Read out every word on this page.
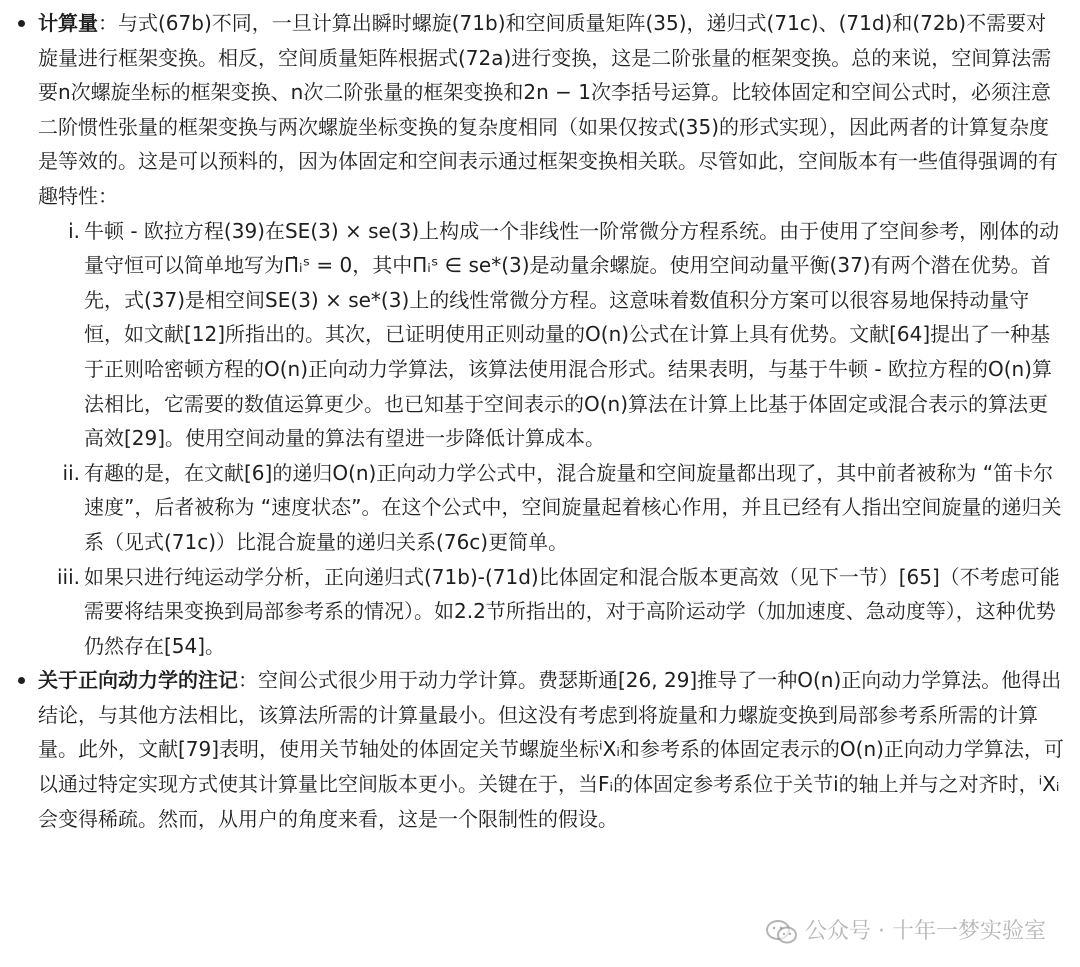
计算量：与式(67b)不同，一旦计算出瞬时螺旋(71b)和空间质量矩阵(35)，递归式(71c)、(71d)和(72b)不需要对旋量进行框架变换。相反，空间质量矩阵根据式(72a)进行变换，这是二阶张量的框架变换。总的来说，空间算法需要n次螺旋坐标的框架变换、n次二阶张量的框架变换和2n − 1次李括号运算。比较体固定和空间公式时，必须注意二阶惯性张量的框架变换与两次螺旋坐标变换的复杂度相同（如果仅按式(35)的形式实现），因此两者的计算复杂度是等效的。这是可以预料的，因为体固定和空间表示通过框架变换相关联。尽管如此，空间版本有一些值得强调的有趣特性：
i. 牛顿 - 欧拉方程(39)在SE(3) × se(3)上构成一个非线性一阶常微分方程系统。由于使用了空间参考，刚体的动量守恒可以简单地写为Π̇ᵢˢ = 0，其中Πᵢˢ ∈ se*(3)是动量余螺旋。使用空间动量平衡(37)有两个潜在优势。首先，式(37)是相空间SE(3) × se*(3)上的线性常微分方程。这意味着数值积分方案可以很容易地保持动量守恒，如文献[12]所指出的。其次，已证明使用正则动量的O(n)公式在计算上具有优势。文献[64]提出了一种基于正则哈密顿方程的O(n)正向动力学算法，该算法使用混合形式。结果表明，与基于牛顿 - 欧拉方程的O(n)算法相比，它需要的数值运算更少。也已知基于空间表示的O(n)算法在计算上比基于体固定或混合表示的算法更高效[29]。使用空间动量的算法有望进一步降低计算成本。
ii. 有趣的是，在文献[6]的递归O(n)正向动力学公式中，混合旋量和空间旋量都出现了，其中前者被称为 “笛卡尔速度”，后者被称为 “速度状态”。在这个公式中，空间旋量起着核心作用，并且已经有人指出空间旋量的递归关系（见式(71c)）比混合旋量的递归关系(76c)更简单。
iii. 如果只进行纯运动学分析，正向递归式(71b)-(71d)比体固定和混合版本更高效（见下一节）[65]（不考虑可能需要将结果变换到局部参考系的情况）。如2.2节所指出的，对于高阶运动学（加加速度、急动度等），这种优势仍然存在[54]。
关于正向动力学的注记：空间公式很少用于动力学计算。费瑟斯通[26, 29]推导了一种O(n)正向动力学算法。他得出结论，与其他方法相比，该算法所需的计算量最小。但这没有考虑到将旋量和力螺旋变换到局部参考系所需的计算量。此外，文献[79]表明，使用关节轴处的体固定关节螺旋坐标ⁱXᵢ和参考系的体固定表示的O(n)正向动力学算法，可以通过特定实现方式使其计算量比空间版本更小。关键在于，当Fᵢ的体固定参考系位于关节i的轴上并与之对齐时，ⁱXᵢ会变得稀疏。然而，从用户的角度来看，这是一个限制性的假设。
公众号 · 十年一梦实验室
